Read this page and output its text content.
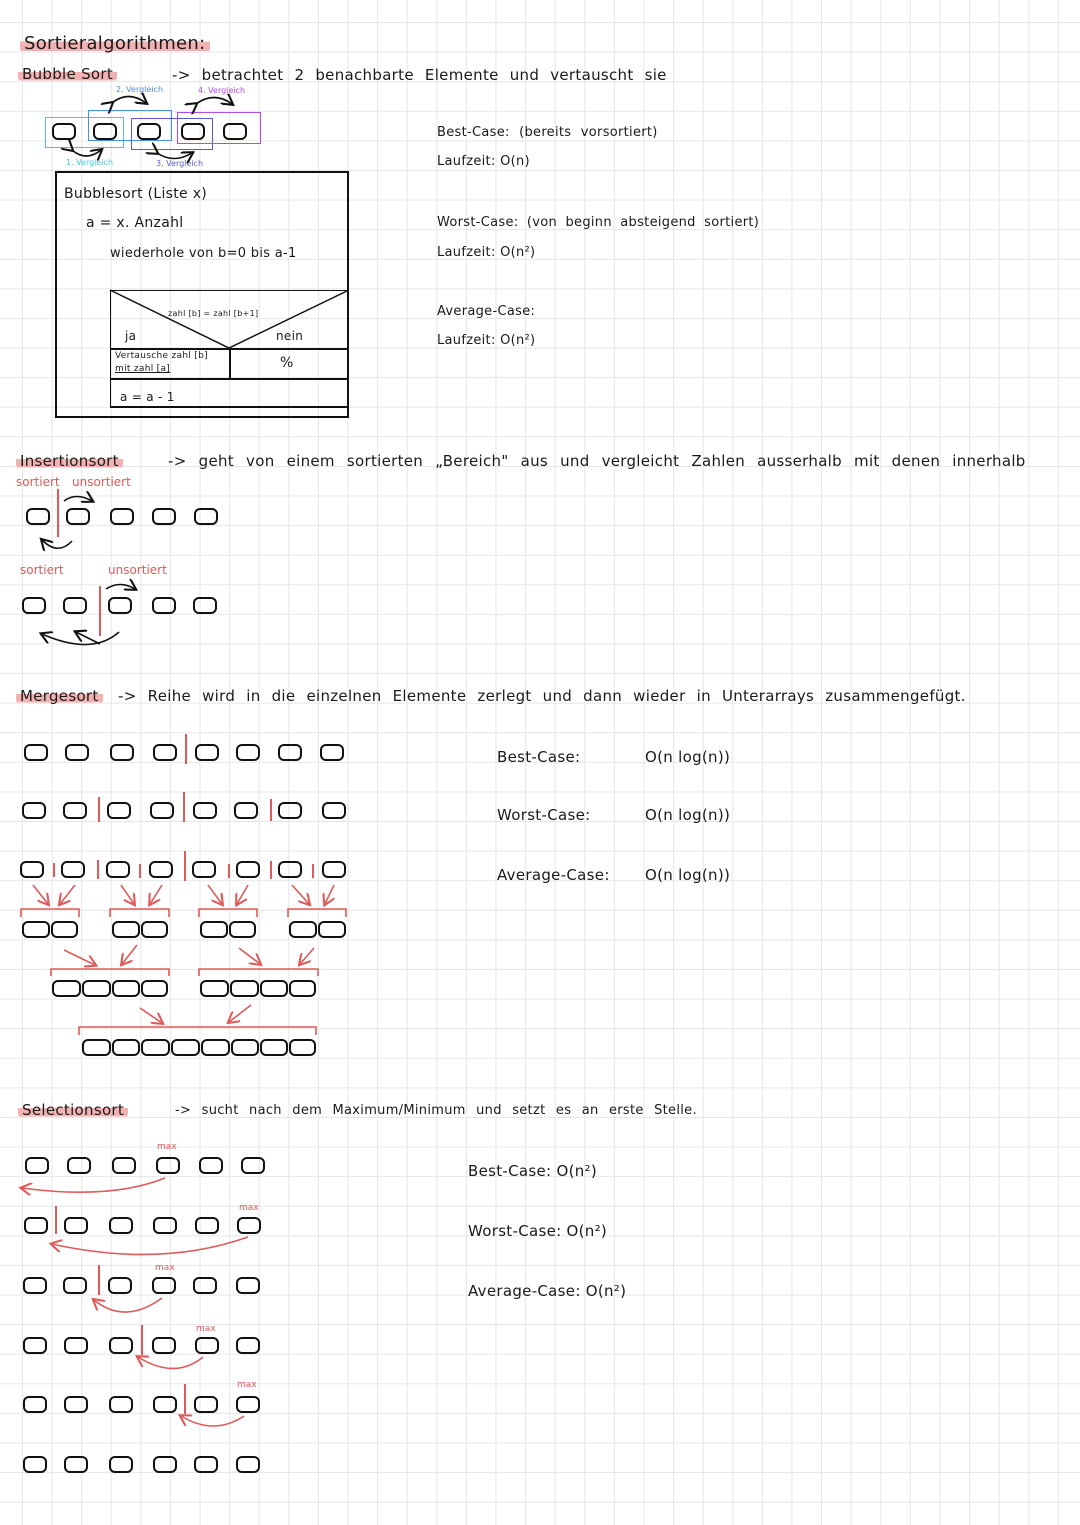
Sortieralgorithmen:
Bubble Sort	-> betrachtet 2 benachbarte Elemente und vertauscht sie
2. Vergleich	4. Vergleich
1. Vergleich	3. Vergleich
Bubblesort (Liste x)
a = x. Anzahl
wiederhole von b=0 bis a-1
zahl [b] = zahl [b+1]
ja	nein
Vertausche zahl [b]
mit zahl [a]	%
a = a - 1
Best-Case: (bereits vorsortiert)
Laufzeit: O(n)
Worst-Case: (von beginn absteigend sortiert)
Laufzeit: O(n²)
Average-Case:
Laufzeit: O(n²)
Insertionsort	-> geht von einem sortierten „Bereich" aus und vergleicht Zahlen ausserhalb mit denen innerhalb
sortiert unsortiert
sortiert	unsortiert
Mergesort -> Reihe wird in die einzelnen Elemente zerlegt und dann wieder in Unterarrays zusammengefügt.
Best-Case:	O(n log(n))
Worst-Case:	O(n log(n))
Average-Case: O(n log(n))
Selectionsort	-> sucht nach dem Maximum/Minimum und setzt es an erste Stelle.
max
max
max
max
max
Best-Case: O(n²)
Worst-Case: O(n²)
Average-Case: O(n²)
